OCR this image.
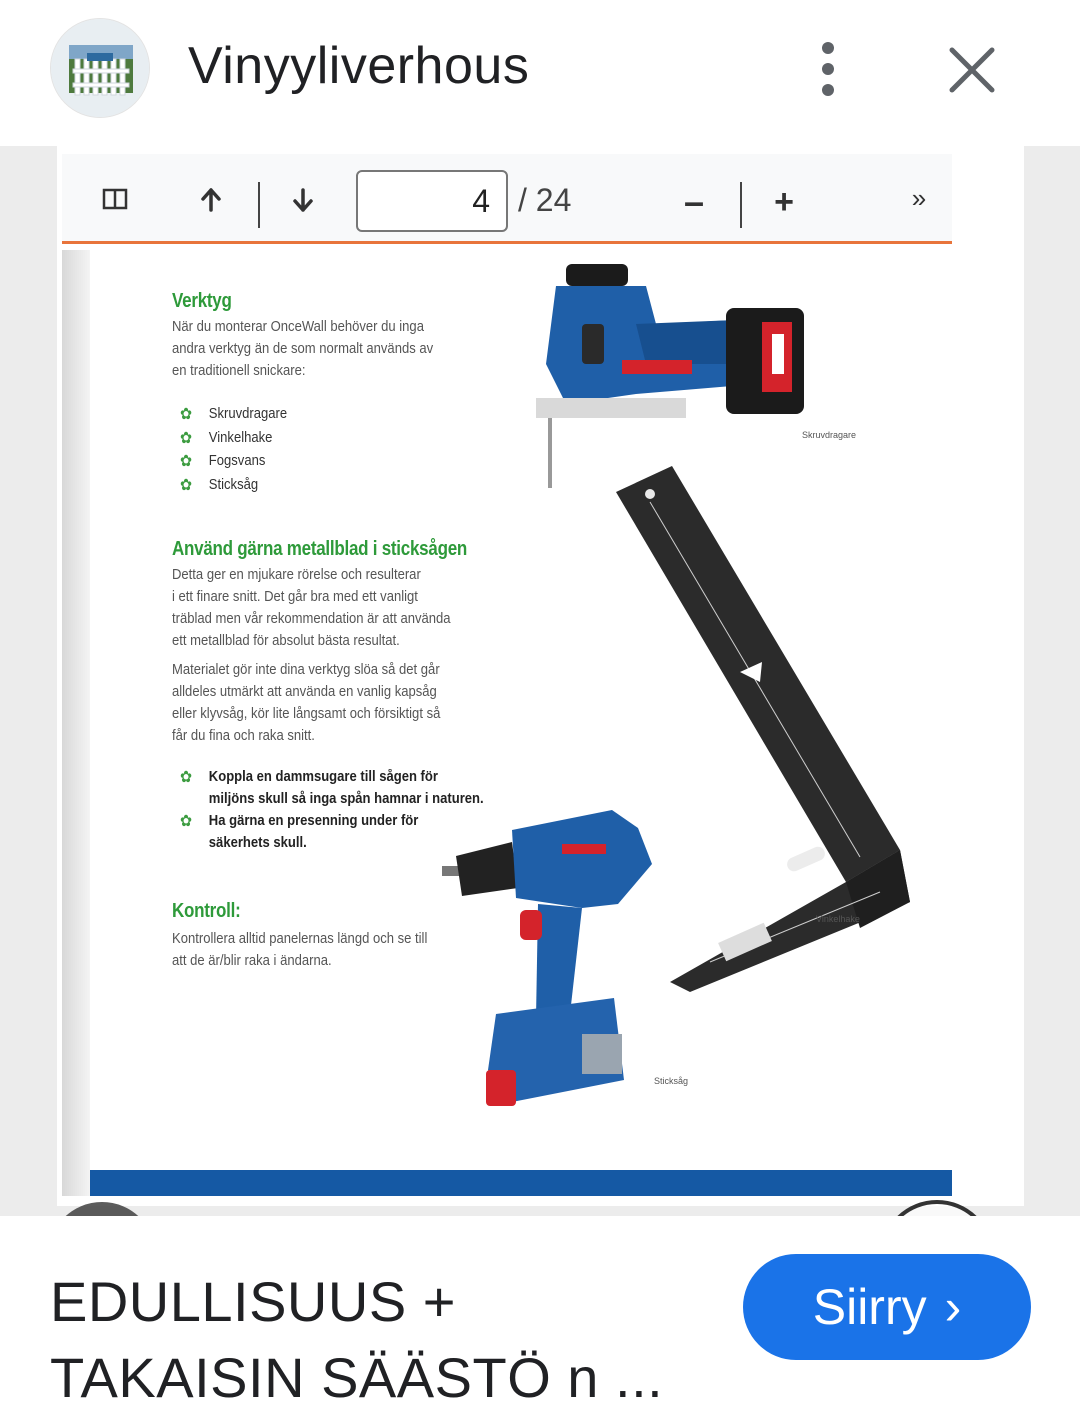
Vinyyliverhous
4 / 24	– +	»
Verktyg
När du monterar OnceWall behöver du inga
andra verktyg än de som normalt används av
en traditionell snickare:
✿ Skruvdragare
✿ Vinkelhake
✿ Fogsvans
✿ Sticksåg
Använd gärna metallblad i sticksågen
Detta ger en mjukare rörelse och resulterar
i ett finare snitt. Det går bra med ett vanligt
träblad men vår rekommendation är att använda
ett metallblad för absolut bästa resultat.
Materialet gör inte dina verktyg slöa så det går
alldeles utmärkt att använda en vanlig kapsåg
eller klyvsåg, kör lite långsamt och försiktigt så
får du fina och raka snitt.
✿ Koppla en dammsugare till sågen för
miljöns skull så inga spån hamnar i naturen.
✿ Ha gärna en presenning under för
säkerhets skull.
Kontroll:
Kontrollera alltid panelernas längd och se till
att de är/blir raka i ändarna.
Skruvdragare
Vinkelhake
Sticksåg
EDULLISUUS +
TAKAISIN SÄÄSTÖ n ...
Siirry ›
